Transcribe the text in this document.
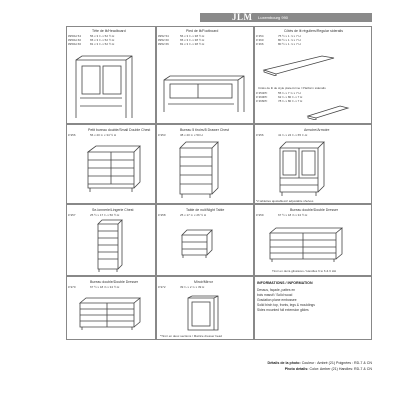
JLM Luxembourg 990
Tête de lit/Headboard
#950H 54	56 x 3 ¾ x 52 ½ H
#950H 60	65 x 3 ¾ x 52 ½ H
#950H 66	81 x 3 ¾ x 52 ½ H
Pied de lit/Footboard
#952 54	56 x 3 ¾ x 38 ½ H
#952 60	65 x 3 ¾ x 38 ½ H
#952 66	81 x 3 ¾ x 38 ½ H
Côtés de lit réguliers/Regular siderails
# 354	75 ½ x 1 ⅞ x 7 H
# 360	80 ½ x 1 ⅞ x 7 H
# 366	80 ½ x 1 ⅞ x 7 H
Côtés de lit de style plate-forme / Platform siderails
# 354PF	55 ¾ x 7 ¾ x 7 H
# 360PF	62 ¾ x 80 ¾ x 7 H
# 366PF	78 ¾ x 80 ¾ x 7 H
Petit bureau double/Small Double Chest
# 956	56 x 20 ¾ x 34 ½ H
Bureau 5 tiroirs/5 Drawer Chest
# 953	38 x 20 ¾ x 50 H
Armoire/Armoire
# 956	41 ¾ x 24 ¾ x 65 ¾ H
*2 tablettes ajustables/2 adjustable shelves
Se-lonnerie/Lingerie Chest
# 957	25 ½ x 17 ¾ x 50 ½ H
Table de nuit/Night Table
# 958	25 x 17 ¾ x 26 ½ H
Bureau double/Double Dresser
# 959	67 ½ x 18 ⅝ x 34 ½ H
Tiroir en demi-glissières / Handles 6 to 6 & 6 HH
Bureau double/Double Dresser
# 970	67 ½ x 18 ⅝ x 34 ½ H
Miroir/Mirror
# 972	39 ¾ x 2 ¾ x 39 H
*Tiroir en deux sections / Matrice dresser head
INFORMATIONS / INFORMATION
Dessus, façade, pattes en
bois massif / Solid wood
Gradation plane embossee
Solid birch top, fronts, legs & mouldings
Sides mounted full extension glides
Détails de la photo: Couleur : Ambré (21) Poignées : RD-7 & CN
Photo details: Color: Amber (21) Handles: RD-7 & CN
